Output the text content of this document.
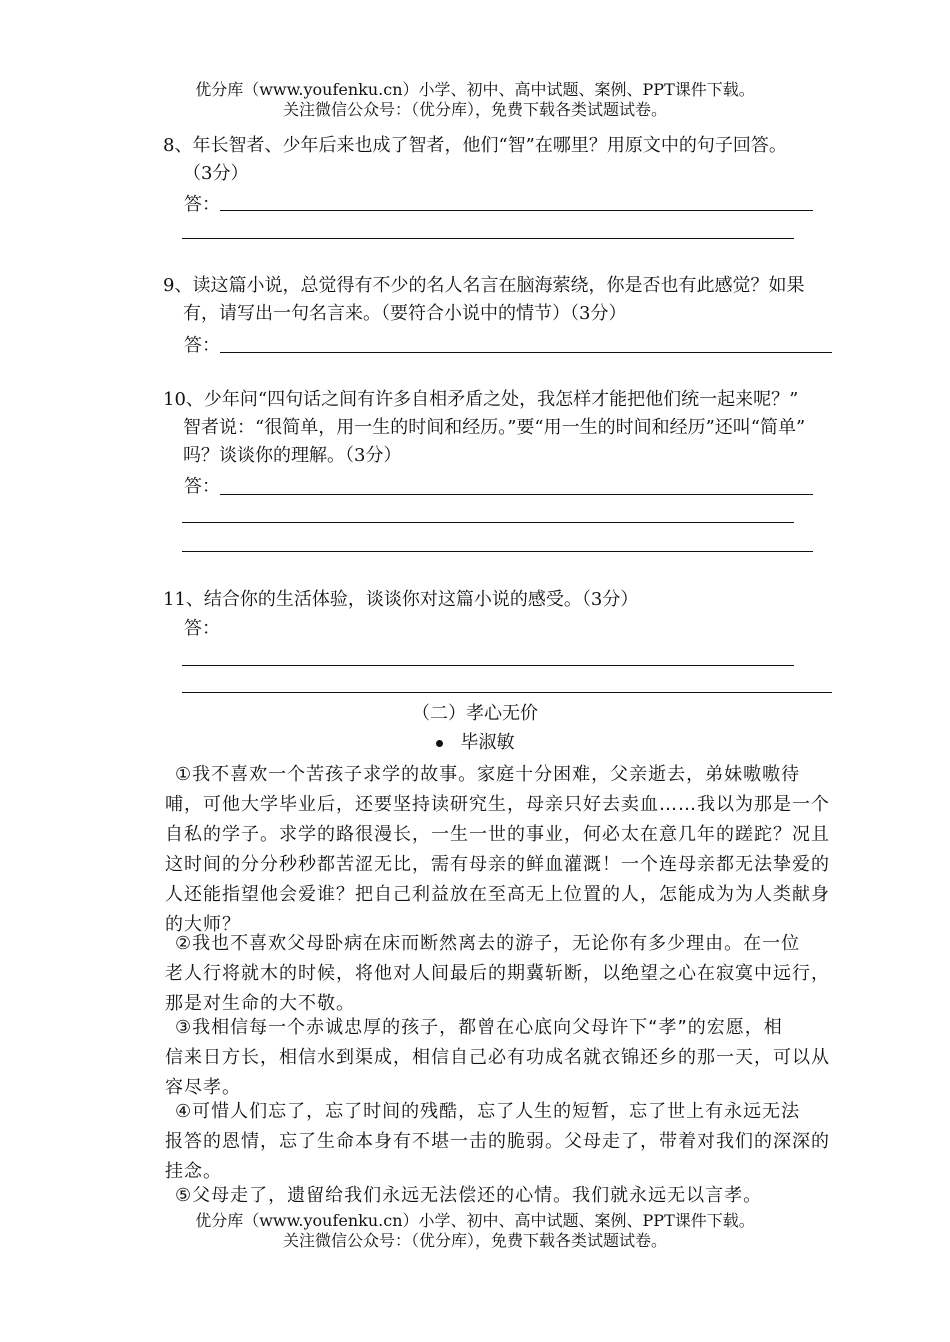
优分库（www.youfenku.cn）小学、初中、高中试题、案例、PPT课件下载。
关注微信公众号：（优分库），免费下载各类试题试卷。
8、年长智者、少年后来也成了智者，他们“智”在哪里？用原文中的句子回答。
（3分）
答：
9、读这篇小说，总觉得有不少的名人名言在脑海萦绕，你是否也有此感觉？如果
有，请写出一句名言来。（要符合小说中的情节）（3分）
答：
10、少年问“四句话之间有许多自相矛盾之处，我怎样才能把他们统一起来呢？”
智者说：“很简单，用一生的时间和经历。”要“用一生的时间和经历”还叫“简单”
吗？谈谈你的理解。（3分）
答：
11、结合你的生活体验，谈谈你对这篇小说的感受。（3分）
答：
（二）孝心无价
毕淑敏
①我不喜欢一个苦孩子求学的故事。家庭十分困难，父亲逝去，弟妹嗷嗷待
哺，可他大学毕业后，还要坚持读研究生，母亲只好去卖血……我以为那是一个
自私的学子。求学的路很漫长，一生一世的事业，何必太在意几年的蹉跎？况且
这时间的分分秒秒都苦涩无比，需有母亲的鲜血灌溉！一个连母亲都无法挚爱的
人还能指望他会爱谁？把自己利益放在至高无上位置的人，怎能成为为人类献身
的大师？
②我也不喜欢父母卧病在床而断然离去的游子，无论你有多少理由。在一位
老人行将就木的时候，将他对人间最后的期冀斩断，以绝望之心在寂寞中远行，
那是对生命的大不敬。
③我相信每一个赤诚忠厚的孩子，都曾在心底向父母许下“孝”的宏愿，相
信来日方长，相信水到渠成，相信自己必有功成名就衣锦还乡的那一天，可以从
容尽孝。
④可惜人们忘了，忘了时间的残酷，忘了人生的短暂，忘了世上有永远无法
报答的恩情，忘了生命本身有不堪一击的脆弱。父母走了，带着对我们的深深的
挂念。
⑤父母走了，遗留给我们永远无法偿还的心情。我们就永远无以言孝。
优分库（www.youfenku.cn）小学、初中、高中试题、案例、PPT课件下载。
关注微信公众号：（优分库），免费下载各类试题试卷。
